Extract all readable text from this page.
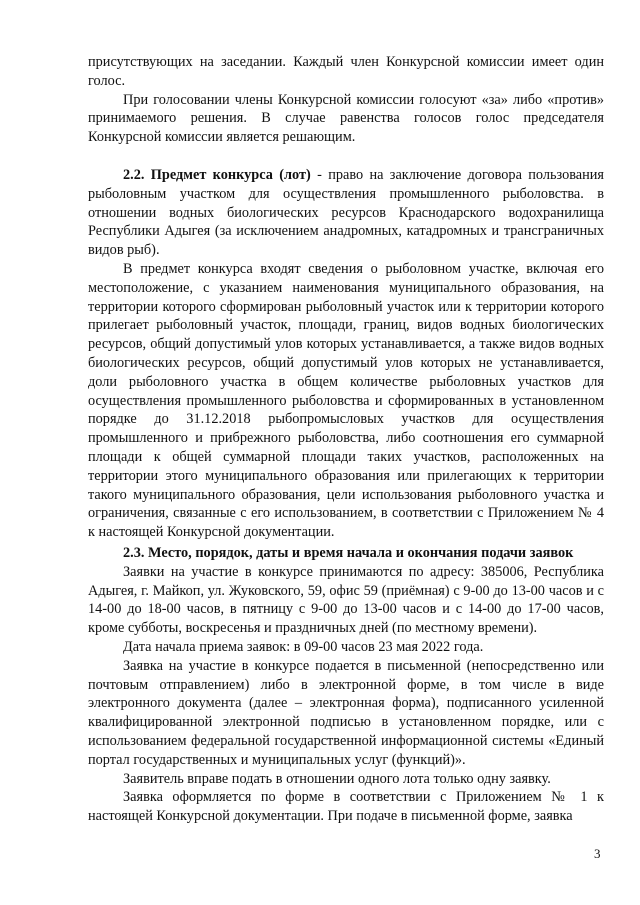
присутствующих на заседании. Каждый член Конкурсной комиссии имеет один голос.

При голосовании члены Конкурсной комиссии голосуют «за» либо «против» принимаемого решения. В случае равенства голосов голос председателя Конкурсной комиссии является решающим.

2.2. Предмет конкурса (лот) - право на заключение договора пользования рыболовным участком для осуществления промышленного рыболовства. в отношении водных биологических ресурсов Краснодарского водохранилища Республики Адыгея (за исключением анадромных, катадромных и трансграничных видов рыб).

В предмет конкурса входят сведения о рыболовном участке, включая его местоположение, с указанием наименования муниципального образования, на территории которого сформирован рыболовный участок или к территории которого прилегает рыболовный участок, площади, границ, видов водных биологических ресурсов, общий допустимый улов которых устанавливается, а также видов водных биологических ресурсов, общий допустимый улов которых не устанавливается, доли рыболовного участка в общем количестве рыболовных участков для осуществления промышленного рыболовства и сформированных в установленном порядке до 31.12.2018 рыбопромысловых участков для осуществления промышленного и прибрежного рыболовства, либо соотношения его суммарной площади к общей суммарной площади таких участков, расположенных на территории этого муниципального образования или прилегающих к территории такого муниципального образования, цели использования рыболовного участка и ограничения, связанные с его использованием, в соответствии с Приложением № 4 к настоящей Конкурсной документации.

2.3. Место, порядок, даты и время начала и окончания подачи заявок

Заявки на участие в конкурсе принимаются по адресу: 385006, Республика Адыгея, г. Майкоп, ул. Жуковского, 59, офис 59 (приёмная) с 9-00 до 13-00 часов и с 14-00 до 18-00 часов, в пятницу с 9-00 до 13-00 часов и с 14-00 до 17-00 часов, кроме субботы, воскресенья и праздничных дней (по местному времени).

Дата начала приема заявок: в 09-00 часов 23 мая 2022 года.

Заявка на участие в конкурсе подается в письменной (непосредственно или почтовым отправлением) либо в электронной форме, в том числе в виде электронного документа (далее – электронная форма), подписанного усиленной квалифицированной электронной подписью в установленном порядке, или с использованием федеральной государственной информационной системы «Единый портал государственных и муниципальных услуг (функций)».

Заявитель вправе подать в отношении одного лота только одну заявку.

Заявка оформляется по форме в соответствии с Приложением № 1 к настоящей Конкурсной документации. При подаче в письменной форме, заявка

3
